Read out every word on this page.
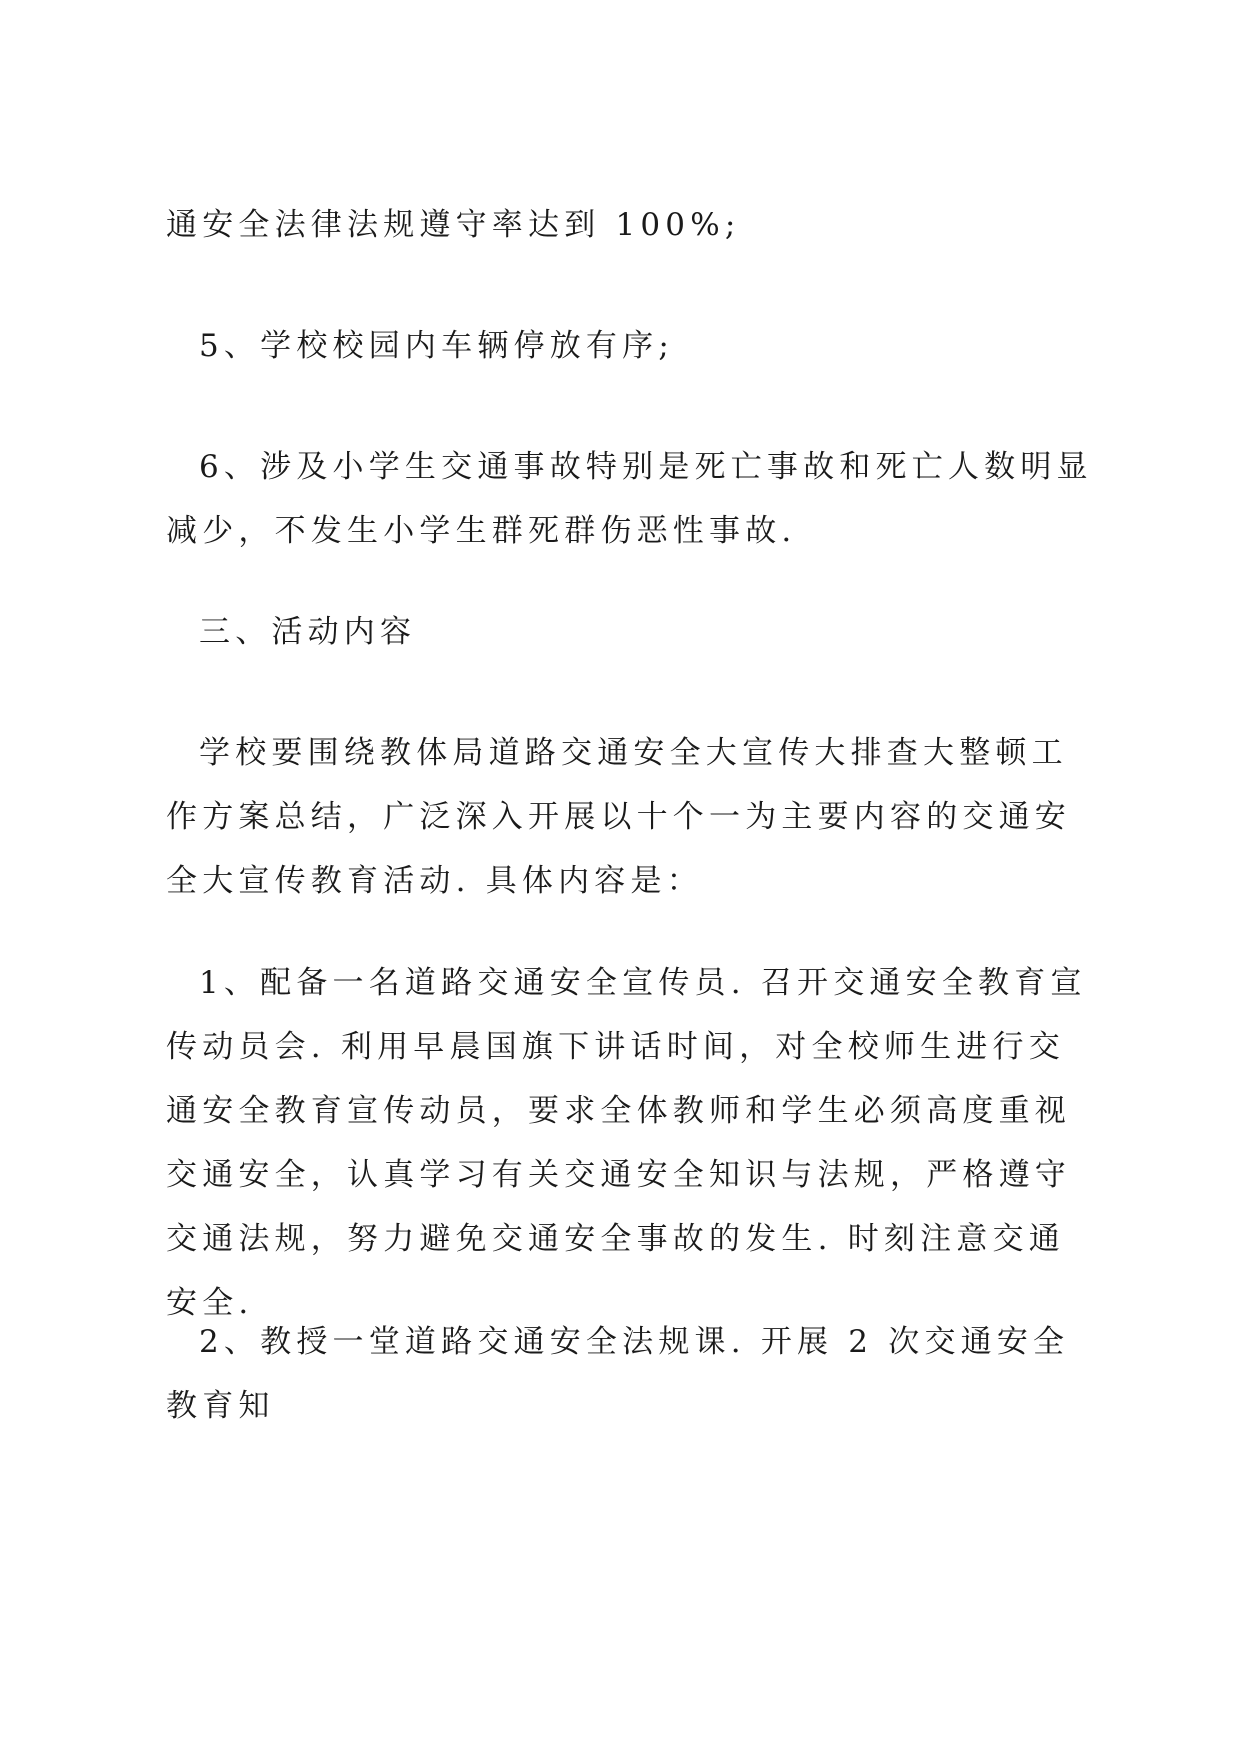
通安全法律法规遵守率达到 100%;

5、学校校园内车辆停放有序;

6、涉及小学生交通事故特别是死亡事故和死亡人数明显减少，不发生小学生群死群伤恶性事故.

三、活动内容

学校要围绕教体局道路交通安全大宣传大排查大整顿工作方案总结，广泛深入开展以十个一为主要内容的交通安全大宣传教育活动. 具体内容是：

1、配备一名道路交通安全宣传员. 召开交通安全教育宣传动员会. 利用早晨国旗下讲话时间，对全校师生进行交通安全教育宣传动员，要求全体教师和学生必须高度重视交通安全，认真学习有关交通安全知识与法规，严格遵守交通法规，努力避免交通安全事故的发生. 时刻注意交通安全.

2、教授一堂道路交通安全法规课. 开展 2 次交通安全教育知
